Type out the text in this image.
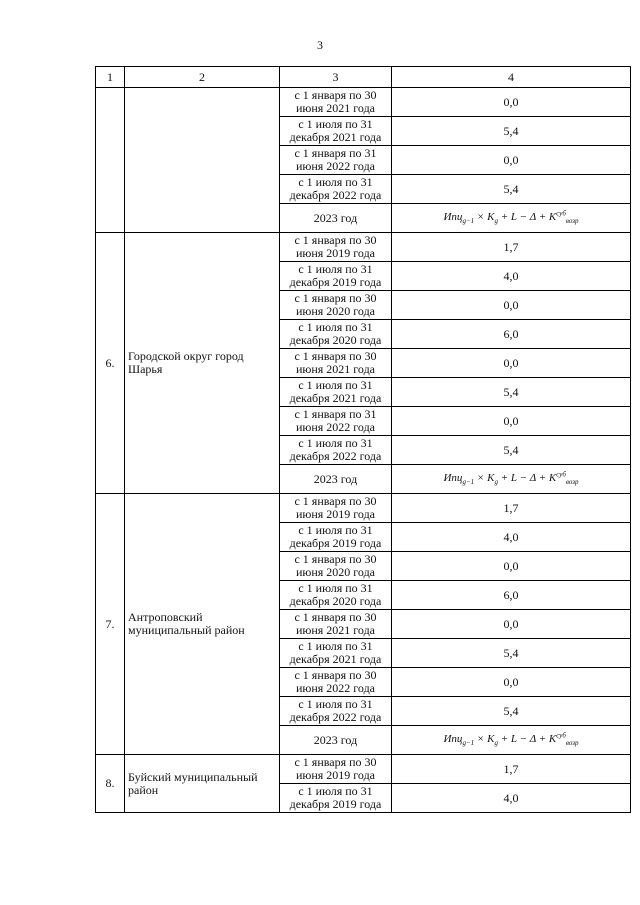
3
1	2	3	4
		с 1 января по 30 июня 2021 года	0,0
		с 1 июля по 31 декабря 2021 года	5,4
		с 1 января по 31 июня 2022 года	0,0
		с 1 июля по 31 декабря 2022 года	5,4
		2023 год	$Ипц_{g-1} \times K_g + L - \Delta + K^{суб}_{возр}$
6.	Городской округ город Шарья	с 1 января по 30 июня 2019 года	1,7
		с 1 июля по 31 декабря 2019 года	4,0
		с 1 января по 30 июня 2020 года	0,0
		с 1 июля по 31 декабря 2020 года	6,0
		с 1 января по 30 июня 2021 года	0,0
		с 1 июля по 31 декабря 2021 года	5,4
		с 1 января по 31 июня 2022 года	0,0
		с 1 июля по 31 декабря 2022 года	5,4
		2023 год	$Ипц_{g-1} \times K_g + L - \Delta + K^{суб}_{возр}$
7.	Антроповский муниципальный район	с 1 января по 30 июня 2019 года	1,7
		с 1 июля по 31 декабря 2019 года	4,0
		с 1 января по 30 июня 2020 года	0,0
		с 1 июля по 31 декабря 2020 года	6,0
		с 1 января по 30 июня 2021 года	0,0
		с 1 июля по 31 декабря 2021 года	5,4
		с 1 января по 30 июня 2022 года	0,0
		с 1 июля по 31 декабря 2022 года	5,4
		2023 год	$Ипц_{g-1} \times K_g + L - \Delta + K^{суб}_{возр}$
8.	Буйский муниципальный район	с 1 января по 30 июня 2019 года	1,7
		с 1 июля по 31 декабря 2019 года	4,0
